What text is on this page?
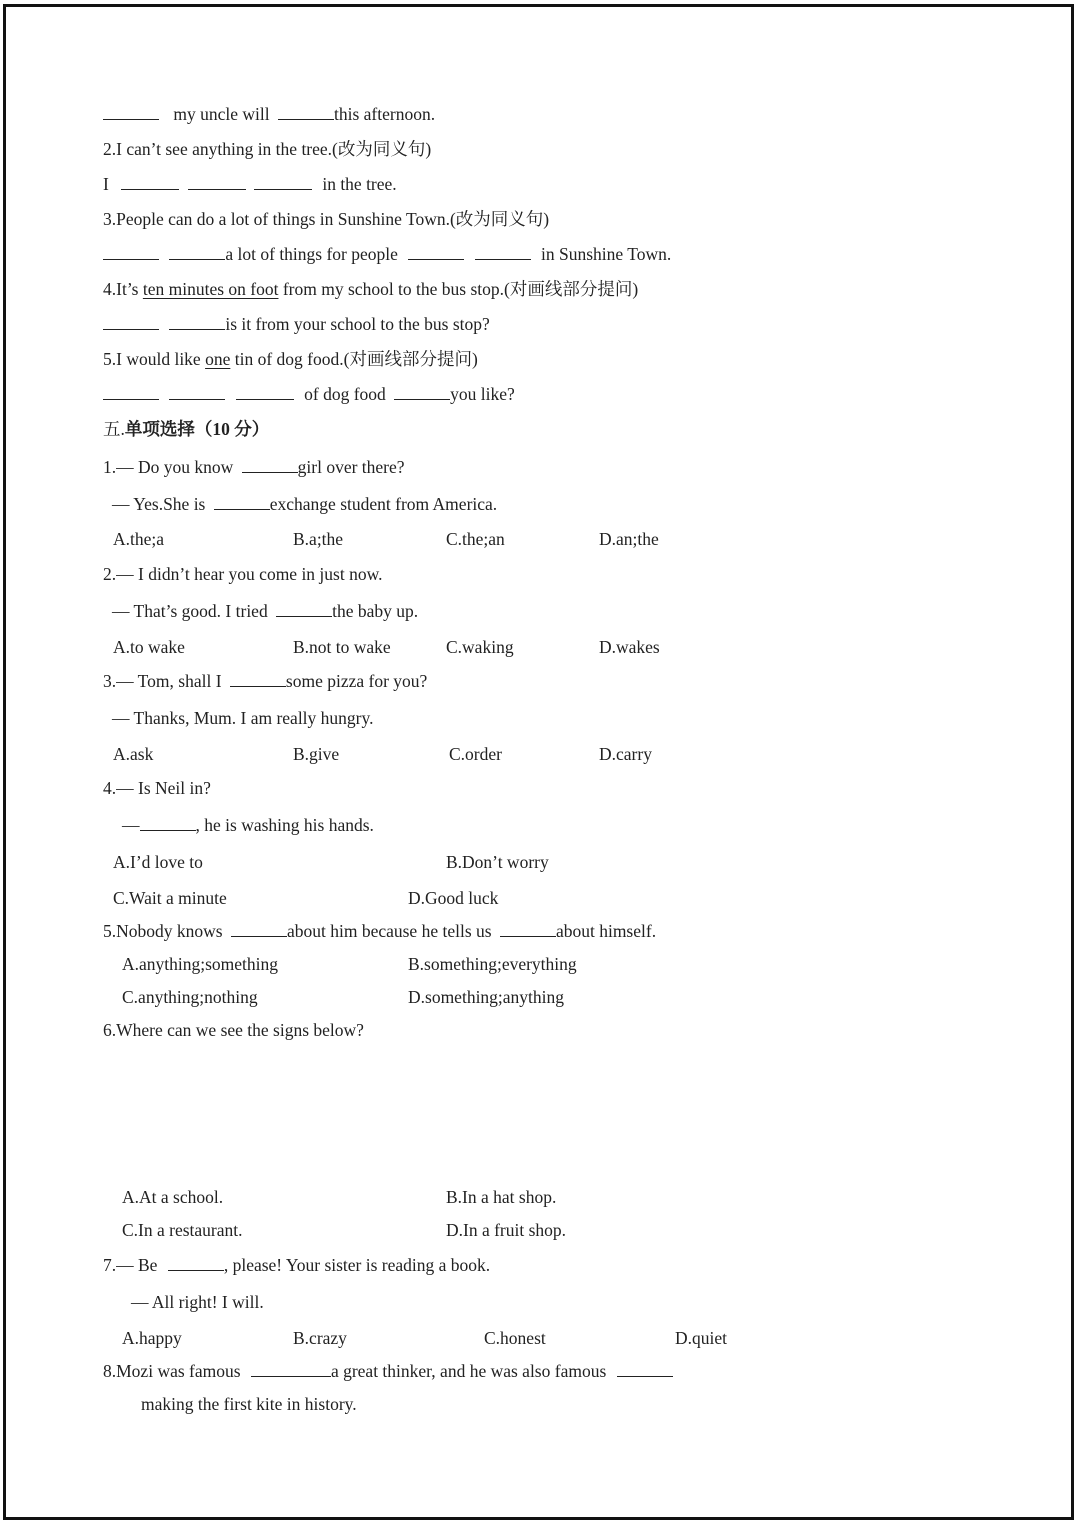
my uncle will	this afternoon.
2.I can’t see anything in the tree.(改为同义句)
I	in the tree.
3.People can do a lot of things in Sunshine Town.(改为同义句)
a lot of things for people	in Sunshine Town.
4.It’s ten minutes on foot from my school to the bus stop.(对画线部分提问)
is it from your school to the bus stop?
5.I would like one tin of dog food.(对画线部分提问)
of dog food	you like?
五.单项选择（10 分）
1.— Do you know	girl over there?
— Yes.She is	exchange student from America.
A.the;a	B.a;the	C.the;an	D.an;the
2.— I didn’t hear you come in just now.
— That’s good. I tried	the baby up.
A.to wake	B.not to wake	C.waking	D.wakes
3.— Tom, shall I	some pizza for you?
— Thanks, Mum. I am really hungry.
A.ask	B.give	C.order	D.carry
4.— Is Neil in?
—	, he is washing his hands.
A.I’d love to	B.Don’t worry
C.Wait a minute	D.Good luck
5.Nobody knows	about him because he tells us	about himself.
A.anything;something	B.something;everything
C.anything;nothing	D.something;anything
6.Where can we see the signs below?
A.At a school.	B.In a hat shop.
C.In a restaurant.	D.In a fruit shop.
7.— Be	, please! Your sister is reading a book.
— All right! I will.
A.happy	B.crazy	C.honest	D.quiet
8.Mozi was famous	a great thinker, and he was also famous
making the first kite in history.
